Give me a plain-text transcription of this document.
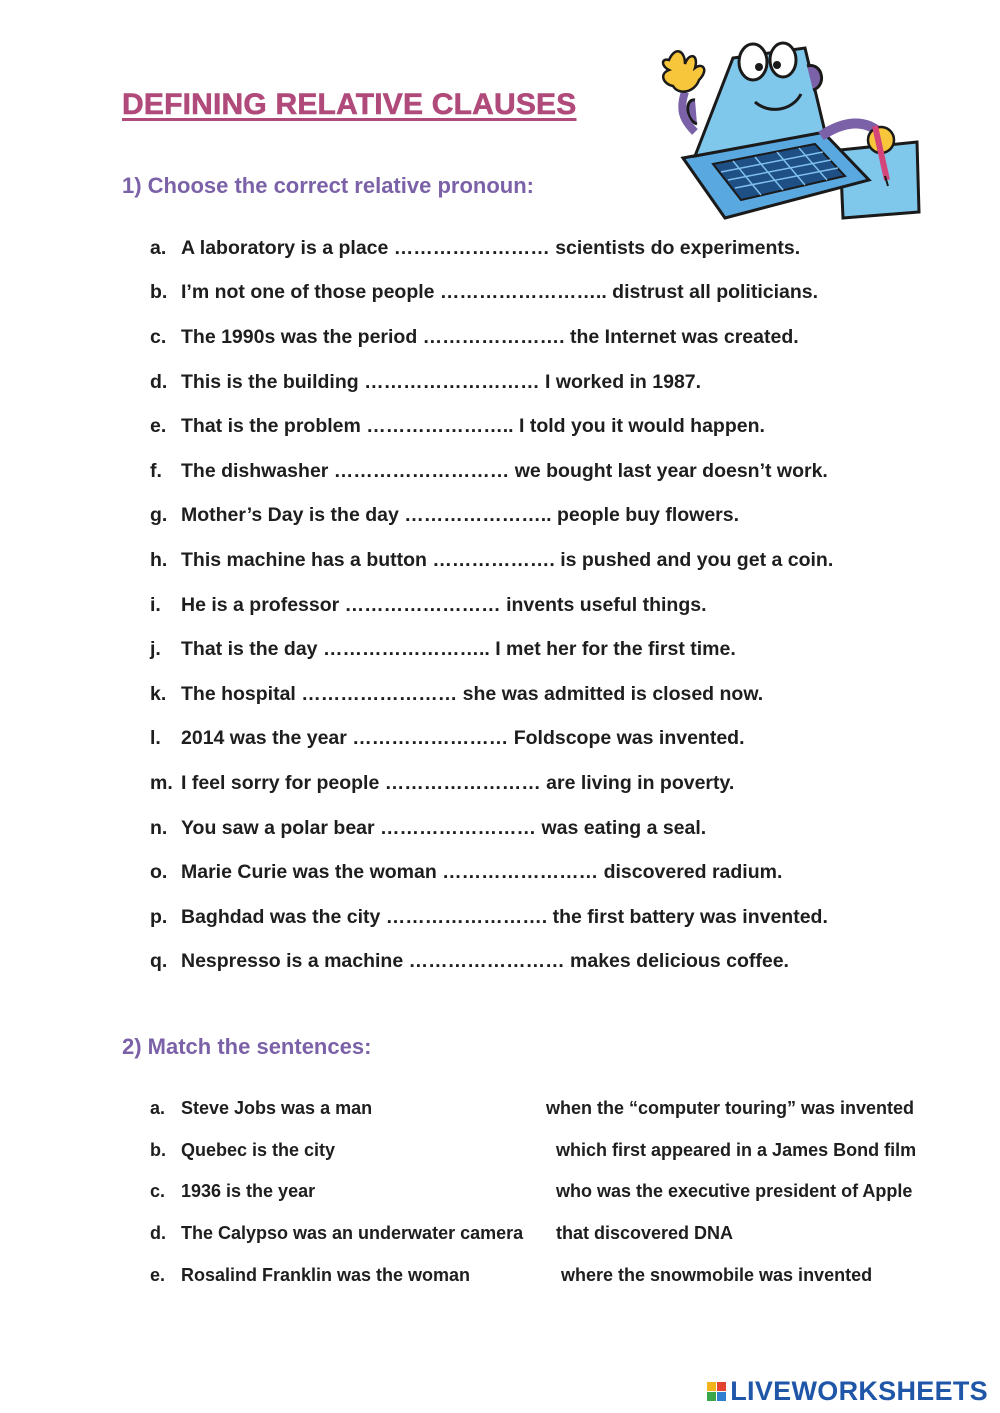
DEFINING RELATIVE CLAUSES
1) Choose the correct relative pronoun:
a. A laboratory is a place …………………… scientists do experiments.
b. I’m not one of those people …………………….. distrust all politicians.
c. The 1990s was the period …………………. the Internet was created.
d. This is the building ……………………… I worked in 1987.
e. That is the problem ………………….. I told you it would happen.
f. The dishwasher ……………………… we bought last year doesn’t work.
g. Mother’s Day is the day ………………….. people buy flowers.
h. This machine has a button ………………. is pushed and you get a coin.
i.	He is a professor …………………… invents useful things.
j.	That is the day …………………….. I met her for the first time.
k. The hospital …………………… she was admitted is closed now.
l.	2014 was the year …………………… Foldscope was invented.
m. I feel sorry for people …………………… are living in poverty.
n. You saw a polar bear …………………… was eating a seal.
o. Marie Curie was the woman …………………… discovered radium.
p. Baghdad was the city ……………………. the first battery was invented.
q. Nespresso is a machine …………………… makes delicious coffee.
2) Match the sentences:
a. Steve Jobs was a man	when the “computer touring” was invented
b. Quebec is the city	which first appeared in a James Bond film
c. 1936 is the year	who was the executive president of Apple
d. The Calypso was an underwater camera	that discovered DNA
e. Rosalind Franklin was the woman	where the snowmobile was invented
LIVEWORKSHEETS
